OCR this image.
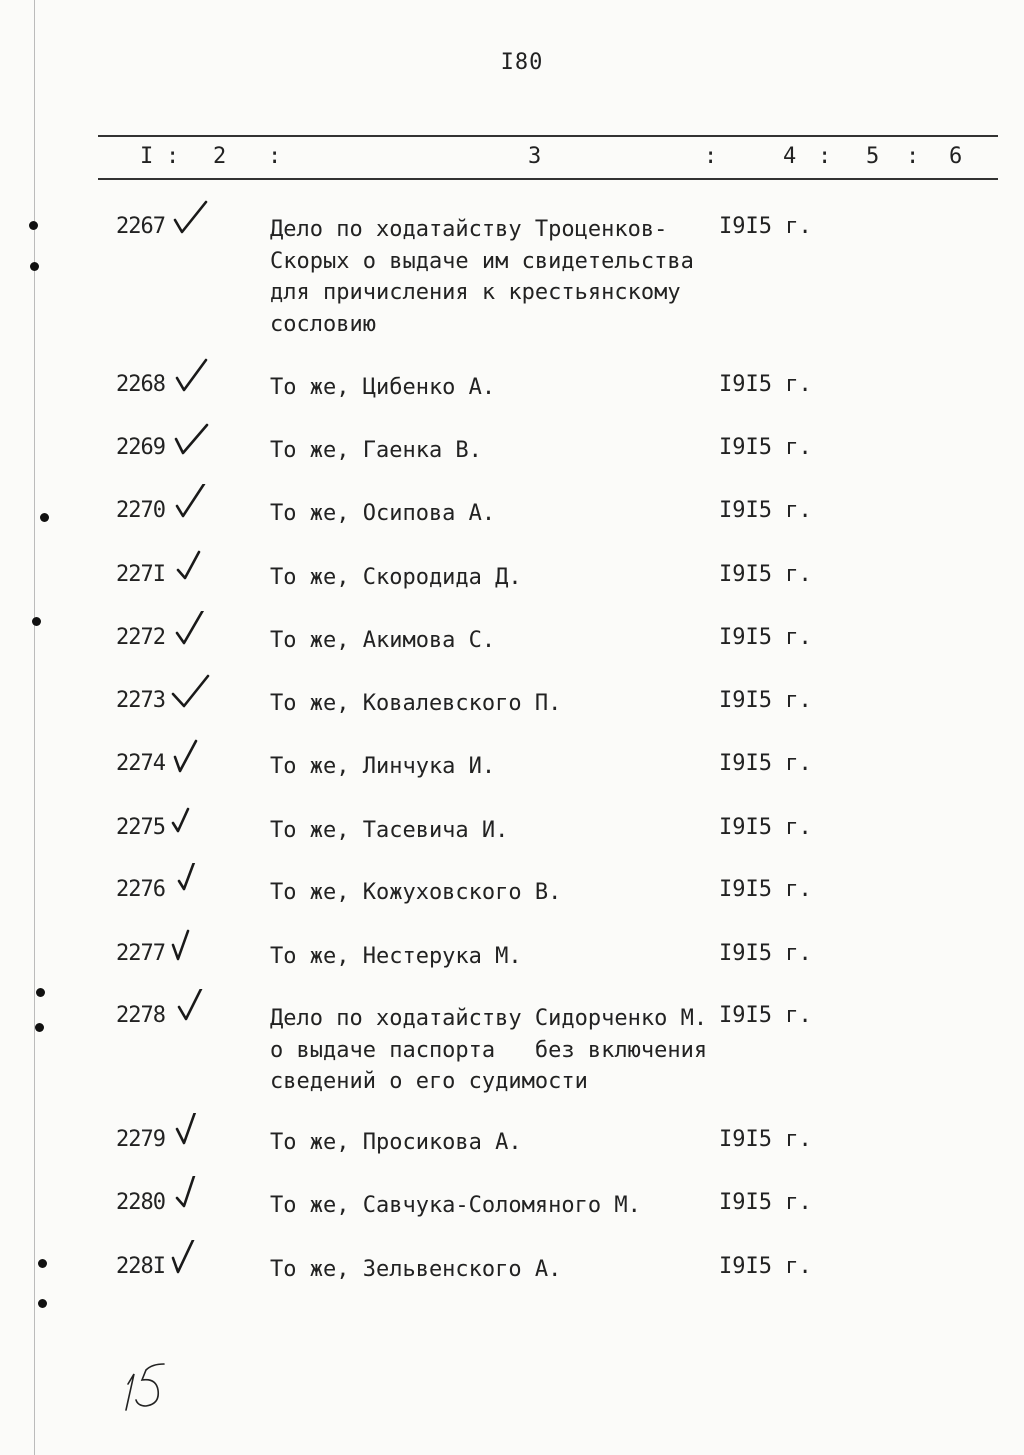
I80
I : 2 :	3	:	4 : 5 : 6
2267	Дело по ходатайству Троценков-
Скорых о выдаче им свидетельства
для причисления к крестьянскому
сословию
I9I5 г.
2268	То же, Цибенко А.	I9I5 г.
2269	То же, Гаенка В.	I9I5 г.
2270	То же, Осипова А.	I9I5 г.
227I	То же, Скородида Д.	I9I5 г.
2272	То же, Акимова С.	I9I5 г.
2273	То же, Ковалевского П.	I9I5 г.
2274	То же, Линчука И.	I9I5 г.
2275	То же, Тасевича И.	I9I5 г.
2276	То же, Кожуховского В.	I9I5 г.
2277	То же, Нестерука М.	I9I5 г.
2278	Дело по ходатайству Сидорченко М.
о выдаче паспорта   без включения
сведений о его судимости
I9I5 г.
2279	То же, Просикова А.	I9I5 г.
2280	То же, Савчука-Соломяного М.	I9I5 г.
228I	То же, Зельвенского А.	I9I5 г.
